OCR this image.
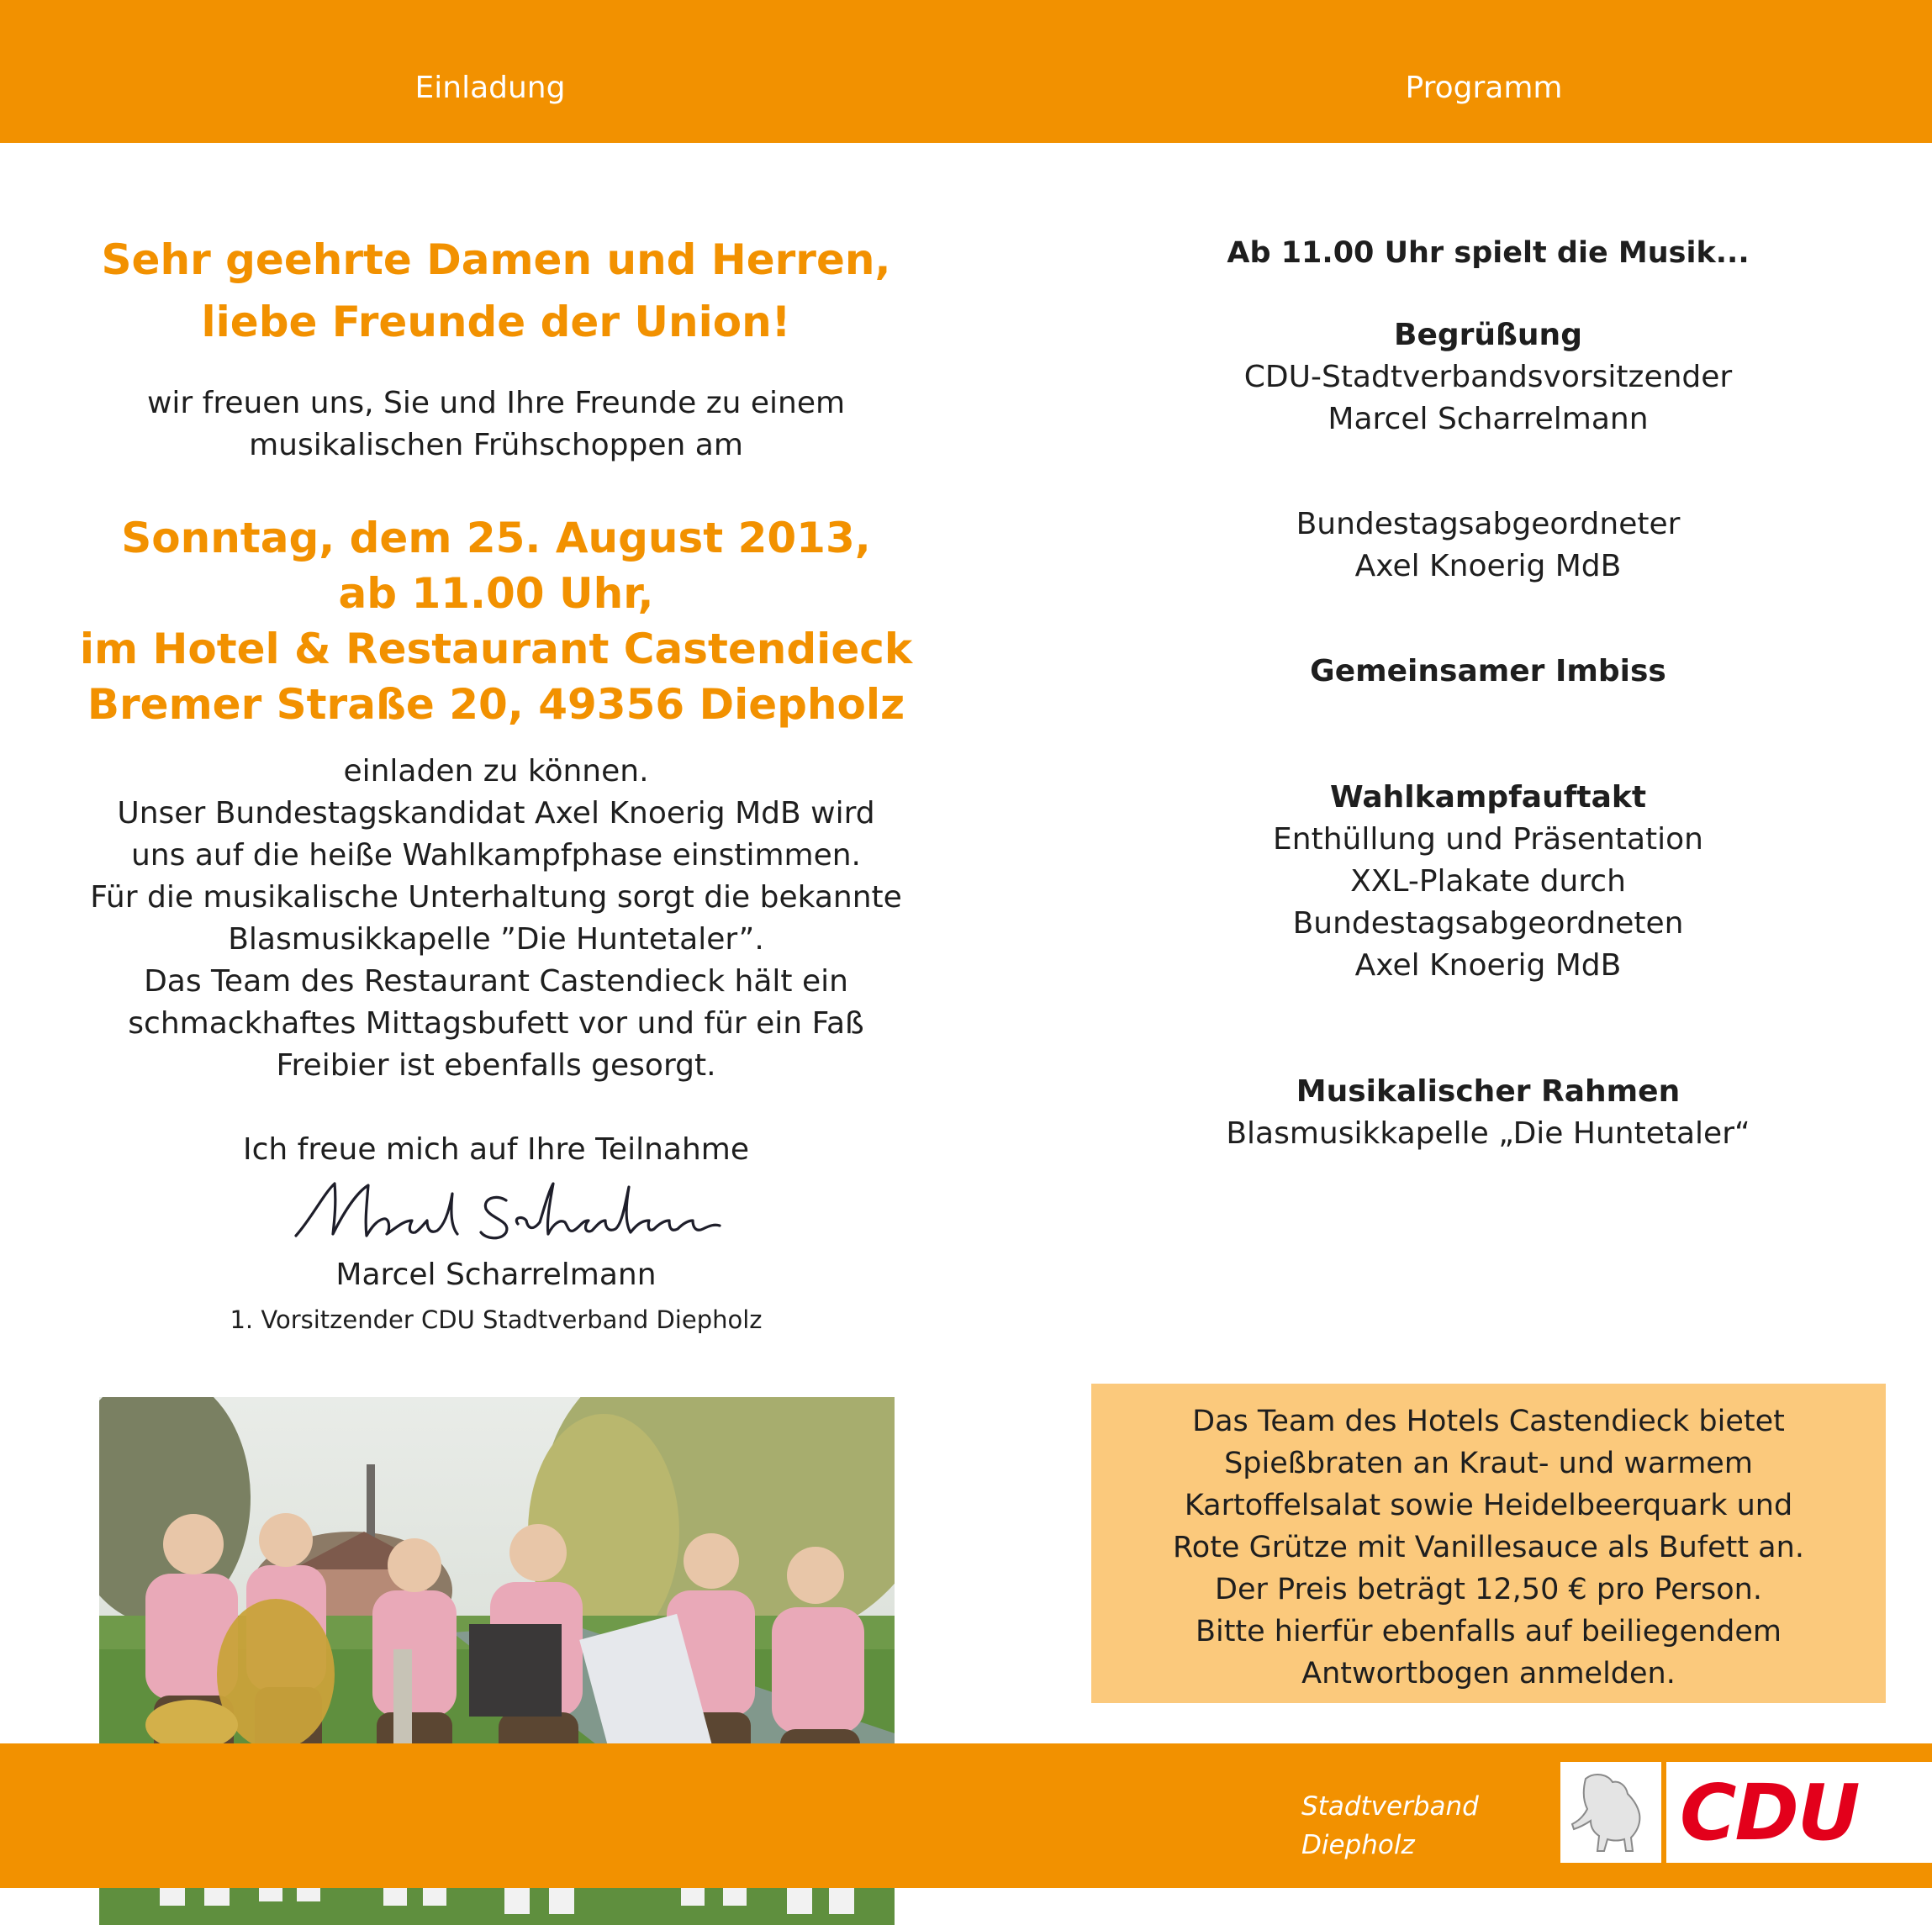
Einladung	Programm
Sehr geehrte Damen und Herren,
liebe Freunde der Union!
wir freuen uns, Sie und Ihre Freunde zu einem
musikalischen Frühschoppen am
Sonntag, dem 25. August 2013,
ab 11.00 Uhr,
im Hotel & Restaurant Castendieck
Bremer Straße 20, 49356 Diepholz
einladen zu können.
Unser Bundestagskandidat Axel Knoerig MdB wird
uns auf die heiße Wahlkampfphase einstimmen.
Für die musikalische Unterhaltung sorgt die bekannte
Blasmusikkapelle ”Die Huntetaler”.
Das Team des Restaurant Castendieck hält ein
schmackhaftes Mittagsbufett vor und für ein Faß
Freibier ist ebenfalls gesorgt.
Ich freue mich auf Ihre Teilnahme
Marcel Scharrelmann
1. Vorsitzender CDU Stadtverband Diepholz
Ab 11.00 Uhr spielt die Musik...
Begrüßung
CDU-Stadtverbandsvorsitzender
Marcel Scharrelmann
Bundestagsabgeordneter
Axel Knoerig MdB
Gemeinsamer Imbiss
Wahlkampfauftakt
Enthüllung und Präsentation
XXL-Plakate durch
Bundestagsabgeordneten
Axel Knoerig MdB
Musikalischer Rahmen
Blasmusikkapelle „Die Huntetaler“
Das Team des Hotels Castendieck bietet
Spießbraten an Kraut- und warmem
Kartoffelsalat sowie Heidelbeerquark und
Rote Grütze mit Vanillesauce als Bufett an.
Der Preis beträgt 12,50 € pro Person.
Bitte hierfür ebenfalls auf beiliegendem
Antwortbogen anmelden.
Stadtverband
Diepholz	CDU
